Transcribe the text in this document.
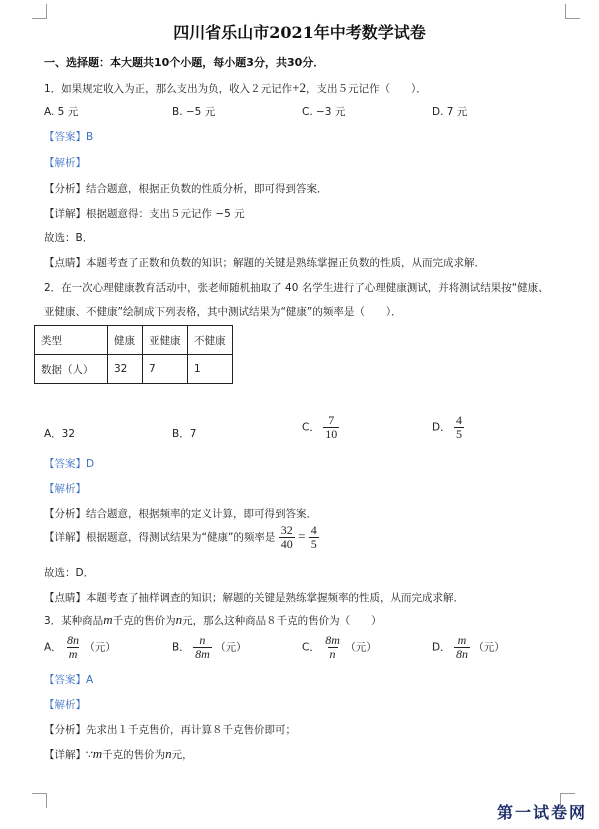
四川省乐山市2021年中考数学试卷
一、选择题：本大题共10个小题，每小题3分，共30分．
1．如果规定收入为正，那么支出为负，收入２元记作+2，支出５元记作（　　）．
A. 5 元	B. −5 元	C. −3 元	D. 7 元
【答案】B
【解析】
【分析】结合题意，根据正负数的性质分析，即可得到答案．
【详解】根据题意得：支出５元记作 −5 元
故选：B．
【点睛】本题考查了正数和负数的知识；解题的关键是熟练掌握正负数的性质，从而完成求解．
2．在一次心理健康教育活动中，张老师随机抽取了 40 名学生进行了心理健康测试，并将测试结果按“健康、
亚健康、不健康”绘制成下列表格，其中测试结果为“健康”的频率是（　　）．
类型	健康	亚健康	不健康
数据（人）	32	7	1
A．32	B．7
C． $\frac{7}{10}$	D． $\frac{4}{5}$
【答案】D
【解析】
【分析】结合题意，根据频率的定义计算，即可得到答案．
【详解】根据题意，得测试结果为“健康”的频率是 $\frac{32}{40} = \frac{4}{5}$
故选：D．
【点睛】本题考查了抽样调查的知识；解题的关键是熟练掌握频率的性质，从而完成求解．
3．某种商品m千克的售价为n元，那么这种商品８千克的售价为（　　）
A． $\frac{8n}{m}$ （元）	B． $\frac{n}{8m}$ （元）	C． $\frac{8m}{n}$ （元）	D． $\frac{m}{8n}$ （元）
【答案】A
【解析】
【分析】先求出１千克售价，再计算８千克售价即可；
【详解】∵m千克的售价为n元，
第一试卷网
